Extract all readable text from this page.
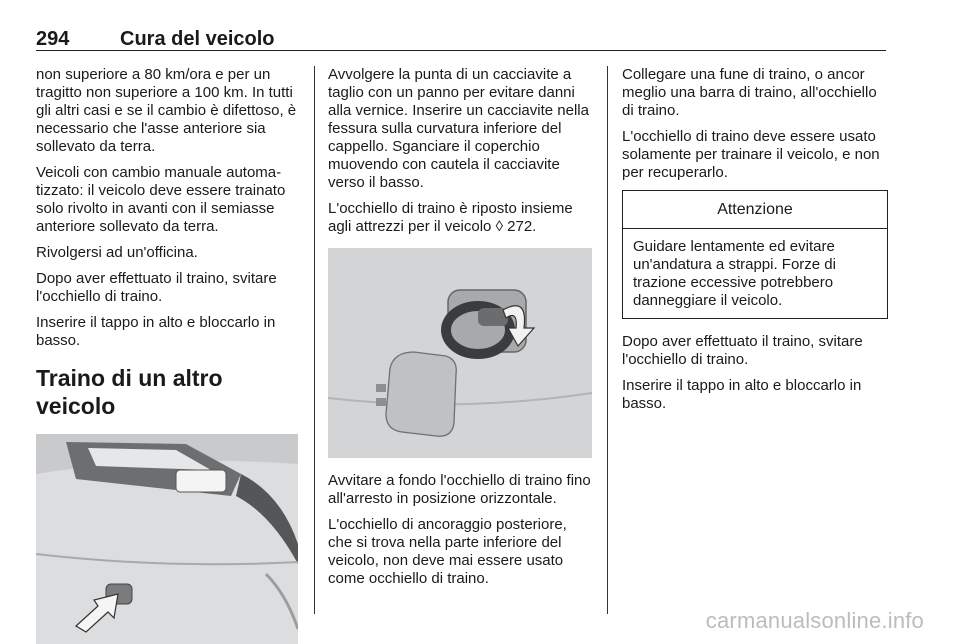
294	Cura del veicolo

non superiore a 80 km/ora e per un tragitto non superiore a 100 km. In tutti gli altri casi e se il cambio è difettoso, è necessario che l'asse anteriore sia sollevato da terra.

Veicoli con cambio manuale automatizzato: il veicolo deve essere trainato solo rivolto in avanti con il semiasse anteriore sollevato da terra.

Rivolgersi ad un'officina.

Dopo aver effettuato il traino, svitare l'occhiello di traino.

Inserire il tappo in alto e bloccarlo in basso.

Traino di un altro veicolo

Avvolgere la punta di un cacciavite a taglio con un panno per evitare danni alla vernice. Inserire un cacciavite nella fessura sulla curvatura inferiore del cappello. Sganciare il coperchio muovendo con cautela il cacciavite verso il basso.

L'occhiello di traino è riposto insieme agli attrezzi per il veicolo ◊ 272.

Avvitare a fondo l'occhiello di traino fino all'arresto in posizione orizzontale.

L'occhiello di ancoraggio posteriore, che si trova nella parte inferiore del veicolo, non deve mai essere usato come occhiello di traino.

Collegare una fune di traino, o ancor meglio una barra di traino, all'occhiello di traino.

L'occhiello di traino deve essere usato solamente per trainare il veicolo, e non per recuperarlo.

Attenzione
Guidare lentamente ed evitare un'andatura a strappi. Forze di trazione eccessive potrebbero danneggiare il veicolo.

Dopo aver effettuato il traino, svitare l'occhiello di traino.

Inserire il tappo in alto e bloccarlo in basso.

carmanualsonline.info
